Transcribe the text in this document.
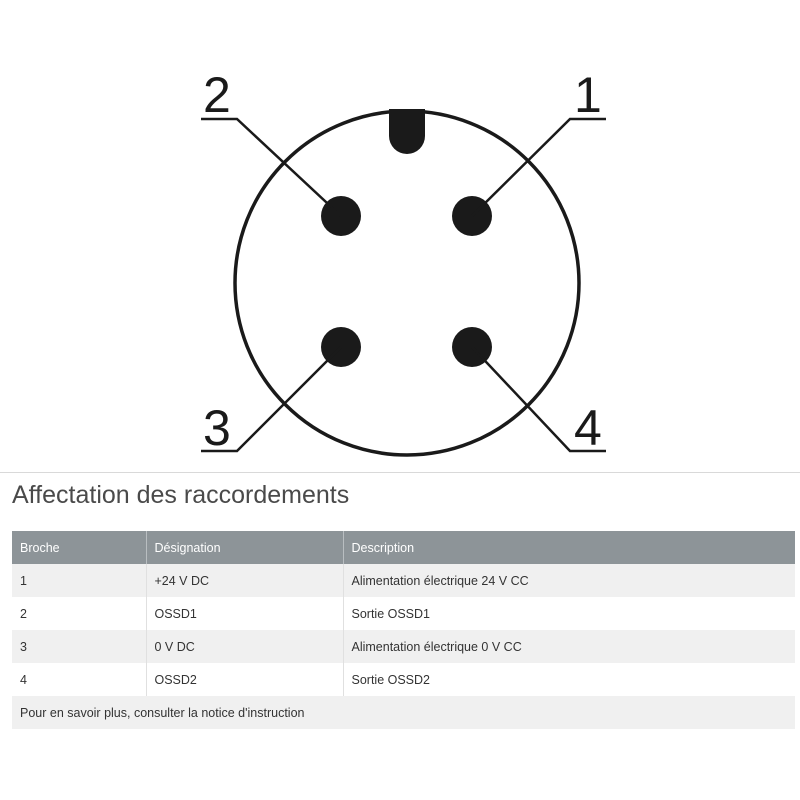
1
2
3	4
Affectation des raccordements
Broche	Désignation	Description
1	+24 V DC	Alimentation électrique 24 V CC
2	OSSD1	Sortie OSSD1
3	0 V DC	Alimentation électrique 0 V CC
4	OSSD2	Sortie OSSD2
Pour en savoir plus, consulter la notice d'instruction		
